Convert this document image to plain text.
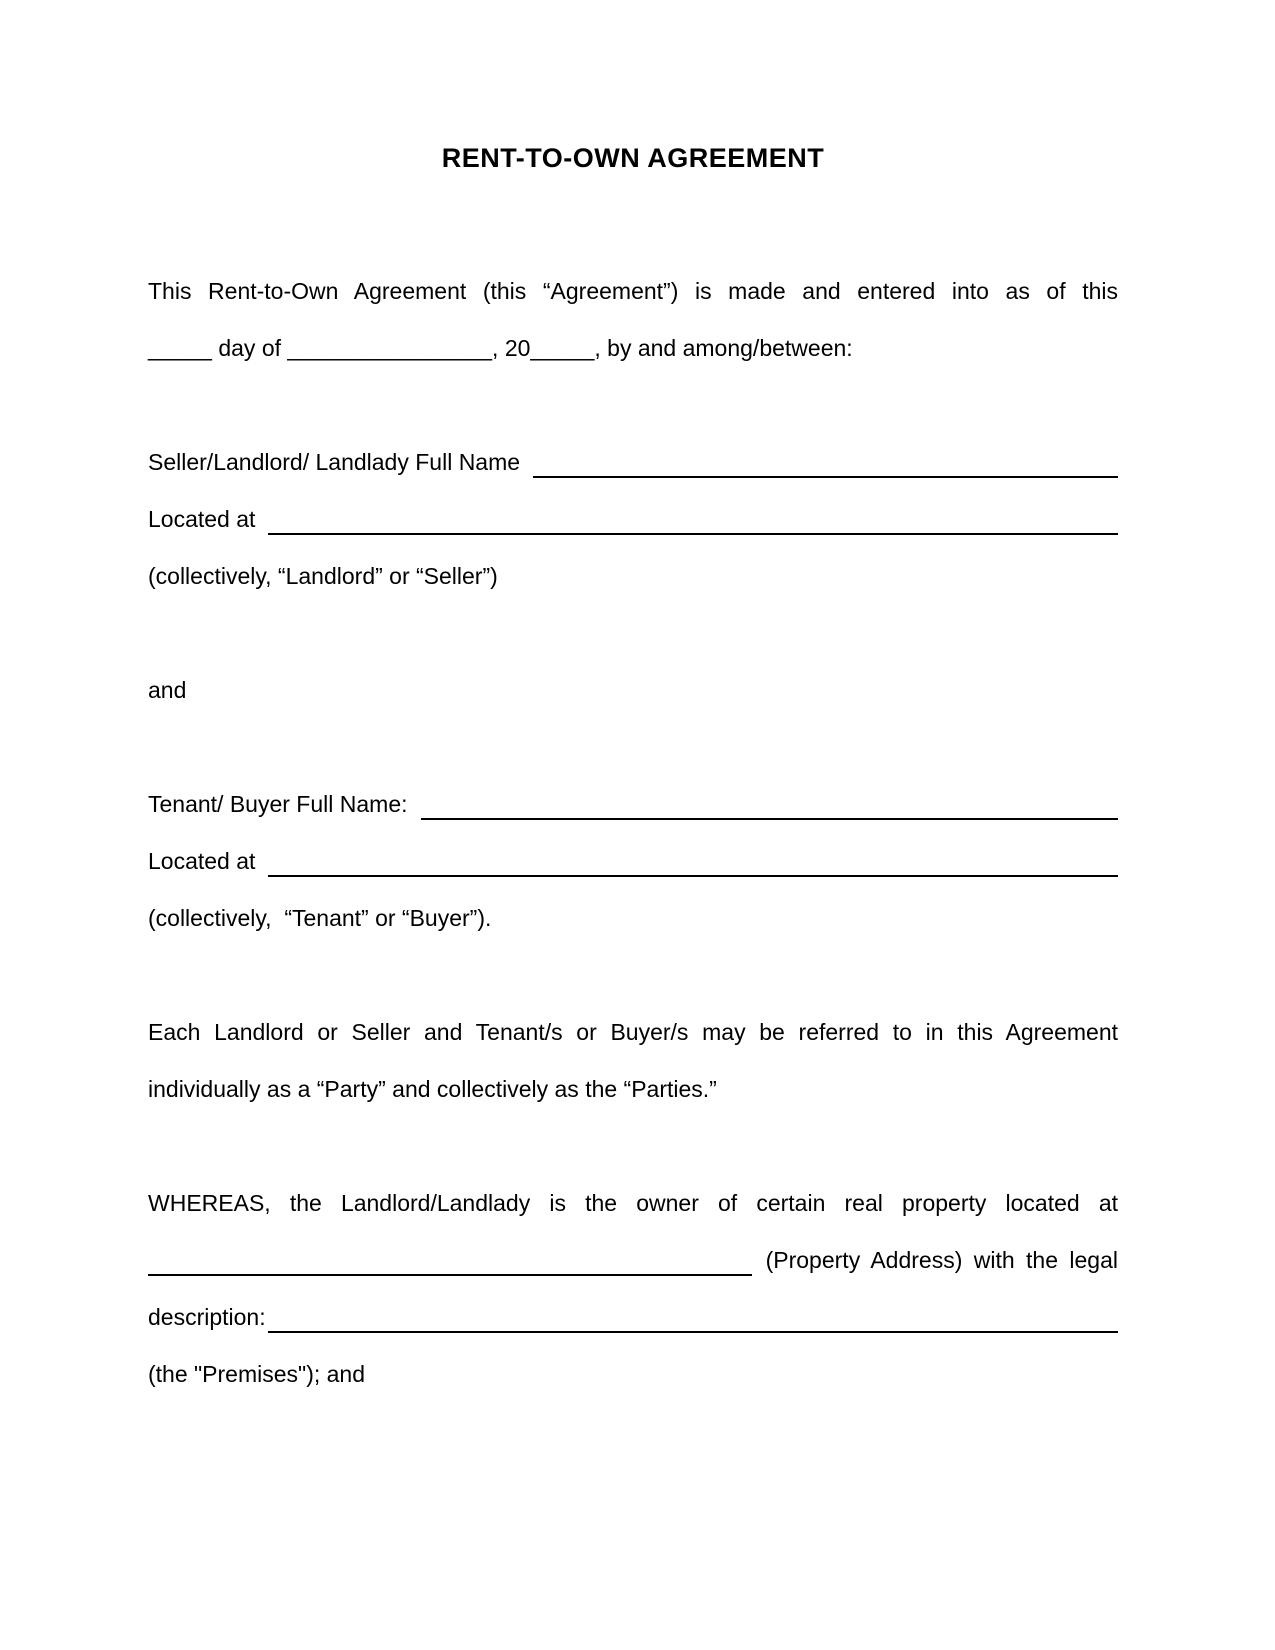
RENT-TO-OWN AGREEMENT
This Rent-to-Own Agreement (this “Agreement”) is made and entered into as of this
_____ day of ________________, 20_____, by and among/between:
Seller/Landlord/ Landlady Full Name
Located at
(collectively, “Landlord” or “Seller”)
and
Tenant/ Buyer Full Name:
Located at
(collectively,  “Tenant” or “Buyer”).
Each Landlord or Seller and Tenant/s or Buyer/s may be referred to in this Agreement
individually as a “Party” and collectively as the “Parties.”
WHEREAS, the Landlord/Landlady is the owner of certain real property located at
(Property Address) with the legal
description:
(the "Premises"); and
